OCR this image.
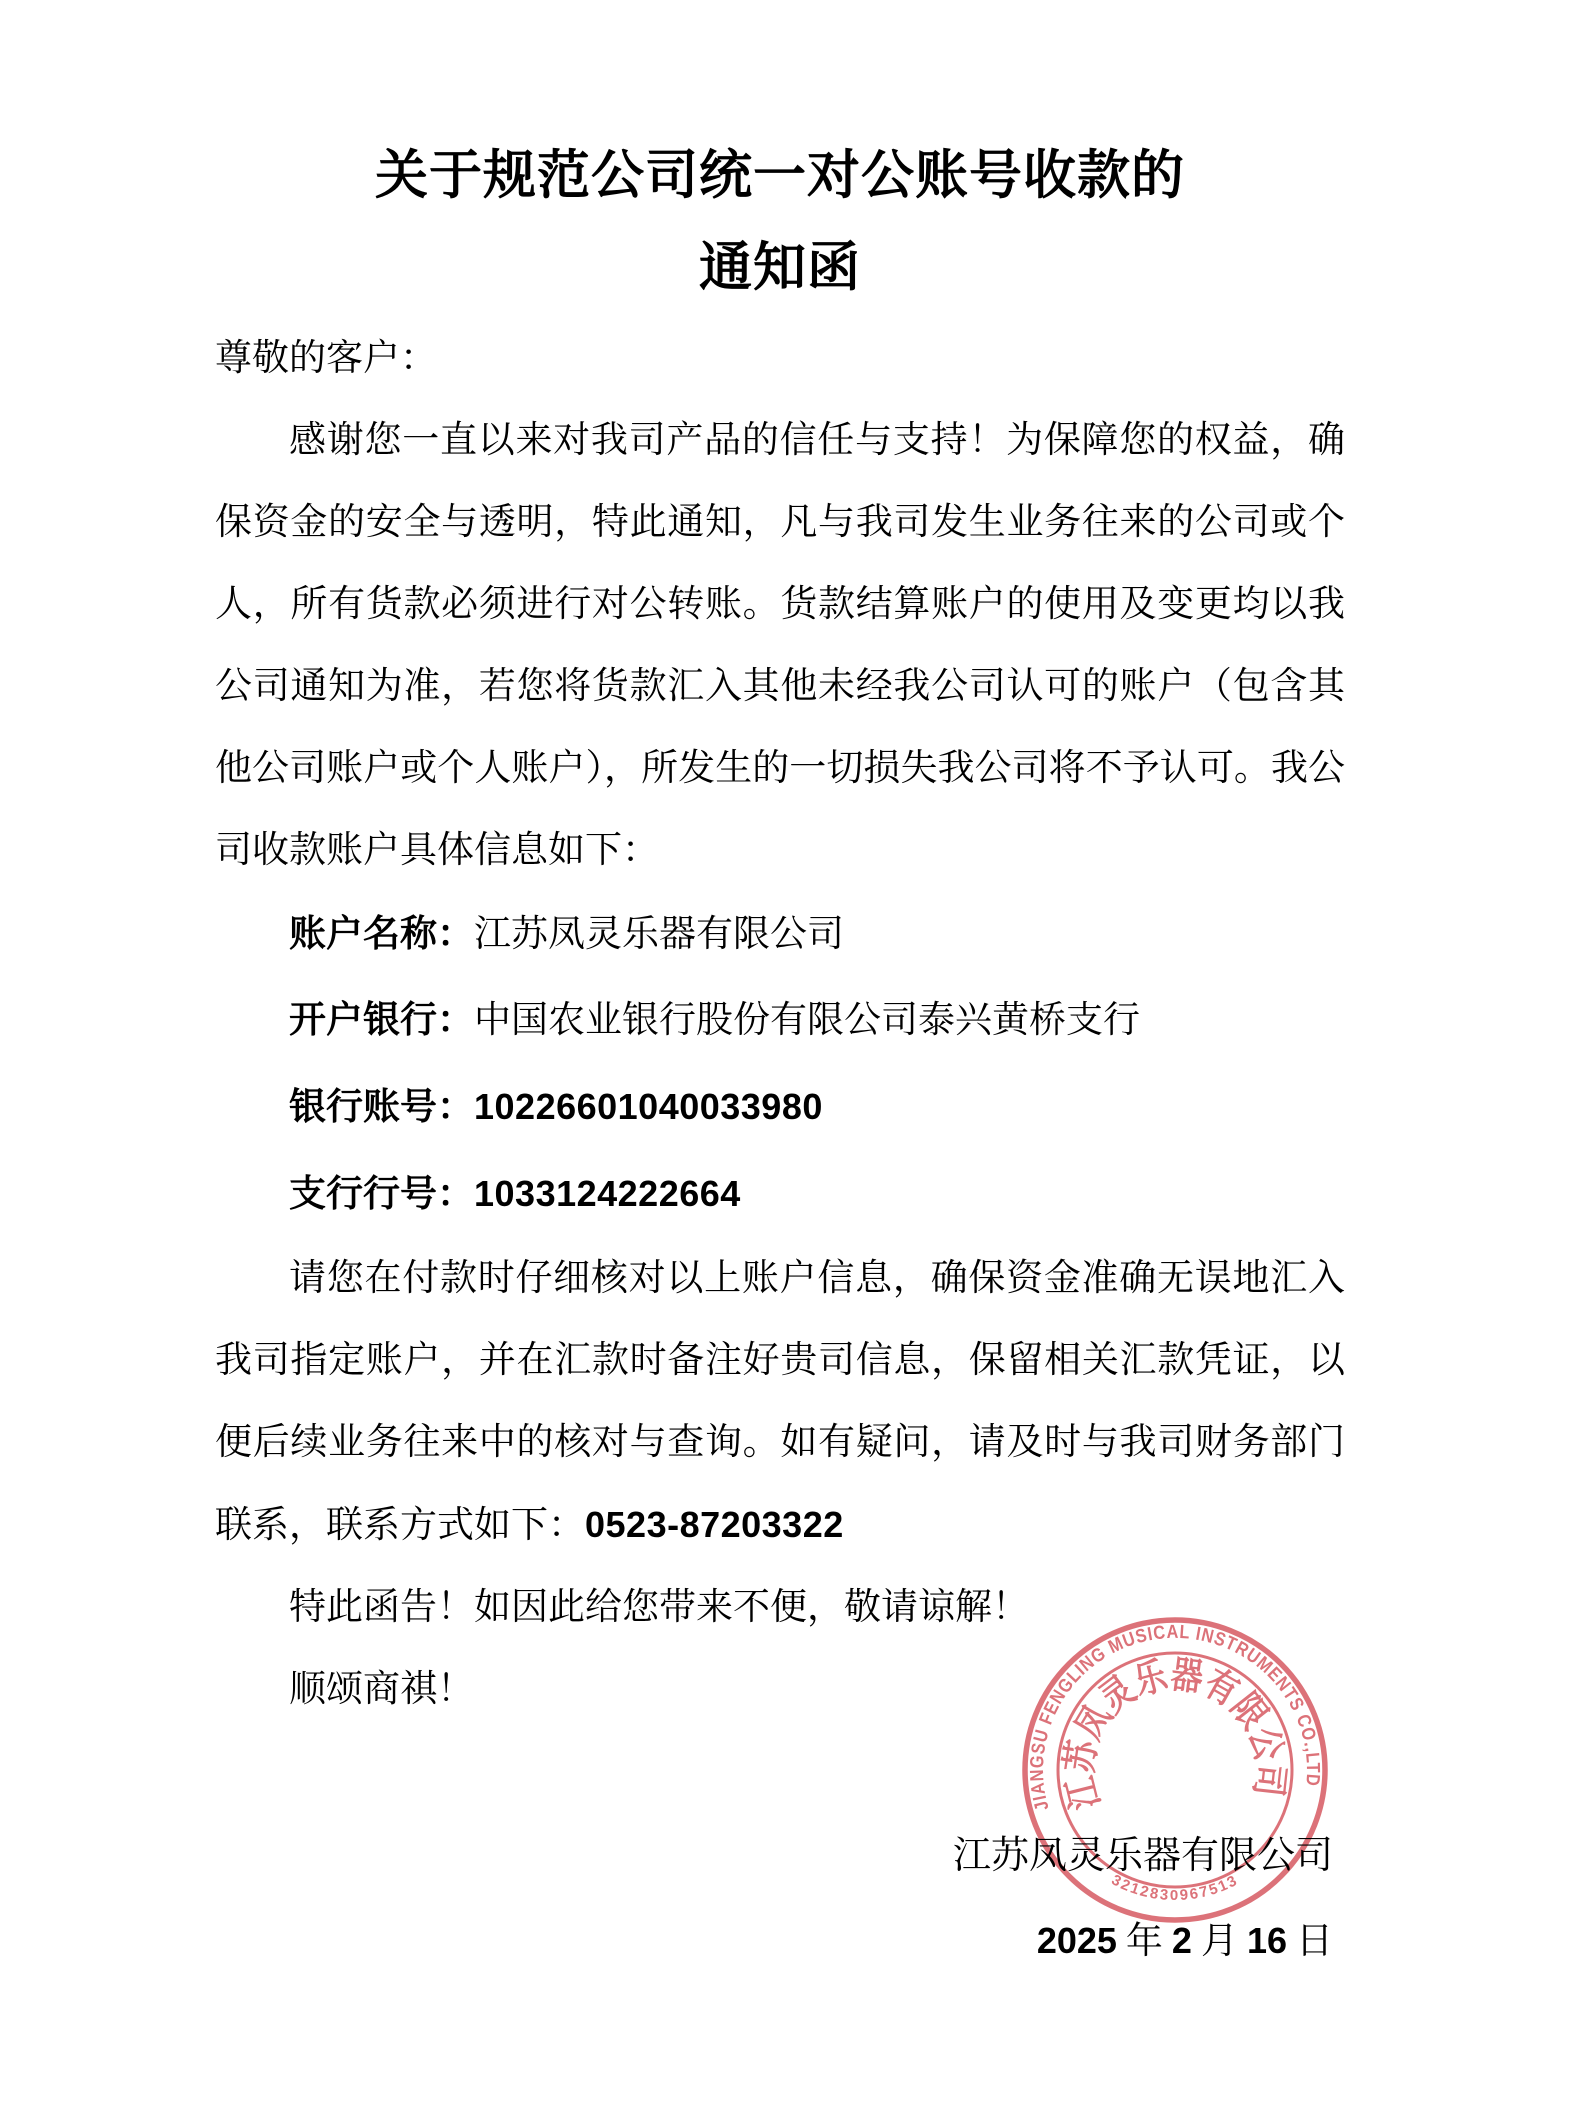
JIANGSU FENGLING MUSICAL INSTRUMENTS CO.,LTD
江苏凤灵乐器有限公司
3212830967513
关于规范公司统一对公账号收款的
通知函
尊敬的客户：

感谢您一直以来对我司产品的信任与支持！为保障您的权益，确保资金的安全与透明，特此通知，凡与我司发生业务往来的公司或个人，所有货款必须进行对公转账。货款结算账户的使用及变更均以我公司通知为准，若您将货款汇入其他未经我公司认可的账户（包含其他公司账户或个人账户），所发生的一切损失我公司将不予认可。我公司收款账户具体信息如下：

账户名称：江苏凤灵乐器有限公司
开户银行：中国农业银行股份有限公司泰兴黄桥支行
银行账号：10226601040033980
支行行号：1033124222664

请您在付款时仔细核对以上账户信息，确保资金准确无误地汇入我司指定账户，并在汇款时备注好贵司信息，保留相关汇款凭证，以便后续业务往来中的核对与查询。如有疑问，请及时与我司财务部门联系，联系方式如下：0523-87203322

特此函告！如因此给您带来不便，敬请谅解！

顺颂商祺！

江苏凤灵乐器有限公司
2025 年 2 月 16 日
